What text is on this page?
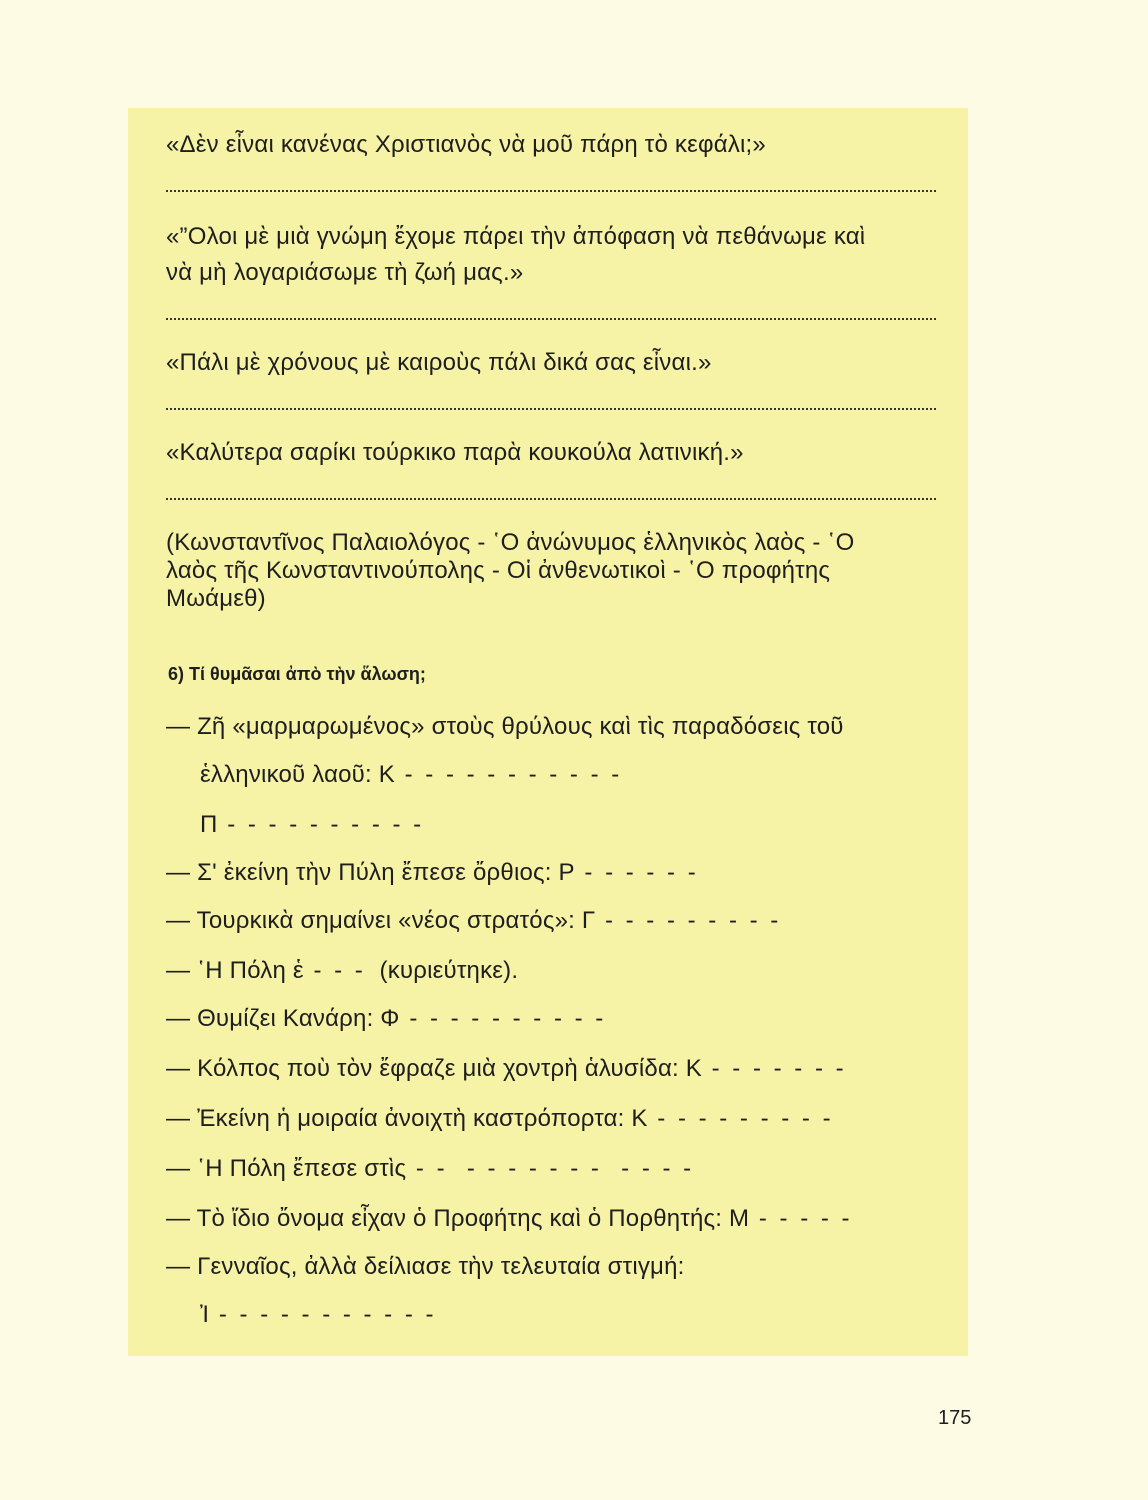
«Δὲν εἶναι κανένας Χριστιανὸς νὰ μοῦ πάρη τὸ κεφάλι;»
«”Ολοι μὲ μιὰ γνώμη ἔχομε πάρει τὴν ἀπόφαση νὰ πεθάνωμε καὶ
νὰ μὴ λογαριάσωμε τὴ ζωή μας.»
«Πάλι μὲ χρόνους μὲ καιροὺς πάλι δικά σας εἶναι.»
«Καλύτερα σαρίκι τούρκικο παρὰ κουκούλα λατινική.»
(Κωνσταντῖνος Παλαιολόγος - ῾Ο ἀνώνυμος ἑλληνικὸς λαὸς - ῾Ο
λαὸς τῆς Κωνσταντινούπολης - Οἱ ἀνθενωτικοὶ - ῾Ο προφήτης
Μωάμεθ)
6) Τί θυμᾶσαι ἀπὸ τὴν ἅλωση;
— Ζῆ «μαρμαρωμένος» στοὺς θρύλους καὶ τὶς παραδόσεις τοῦ
ἑλληνικοῦ λαοῦ: Κ - - - - - - - - - - -
Π - - - - - - - - - -
— Σ' ἐκείνη τὴν Πύλη ἔπεσε ὄρθιος: Ρ - - - - - -
— Τουρκικὰ σημαίνει «νέος στρατός»: Γ - - - - - - - - -
— ῾Η Πόλη ἑ - - -  (κυριεύτηκε).
— Θυμίζει Κανάρη: Φ - - - - - - - - - -
— Κόλπος ποὺ τὸν ἔφραζε μιὰ χοντρὴ ἁλυσίδα: Κ - - - - - - -
— Ἐκείνη ἡ μοιραία ἀνοιχτὴ καστρόπορτα: Κ - - - - - - - - -
— ῾Η Πόλη ἔπεσε στὶς - -  - - - - - - -  - - - -
— Τὸ ἴδιο ὄνομα εἶχαν ὁ Προφήτης καὶ ὁ Πορθητής: Μ - - - - -
— Γενναῖος, ἀλλὰ δείλιασε τὴν τελευταία στιγμή:
Ἰ - - - - - - - - - - -
175
